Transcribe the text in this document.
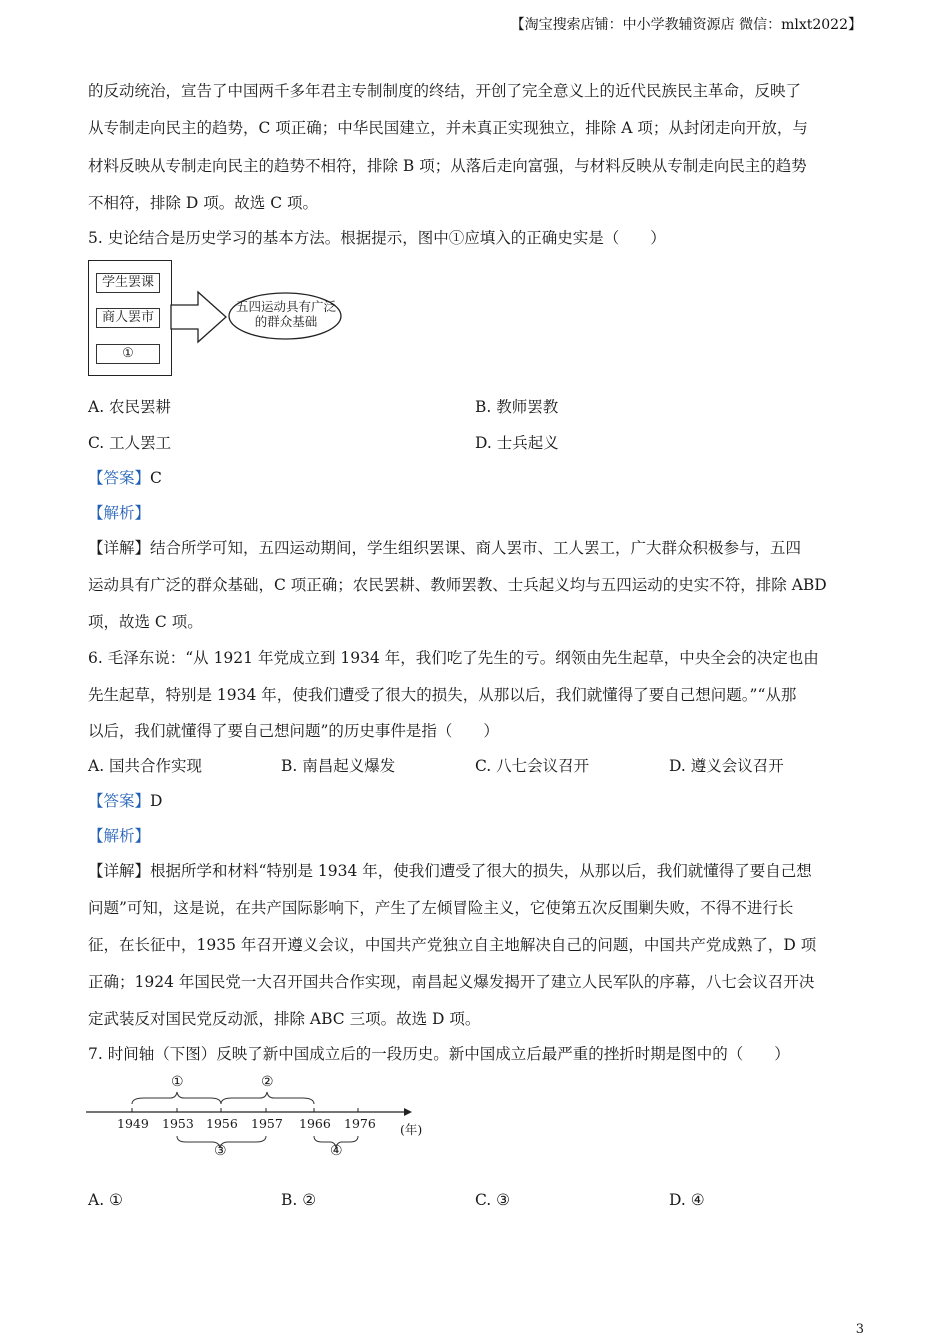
【淘宝搜索店铺：中小学教辅资源店 微信：mlxt2022】
的反动统治，宣告了中国两千多年君主专制制度的终结，开创了完全意义上的近代民族民主革命，反映了
从专制走向民主的趋势，C 项正确；中华民国建立，并未真正实现独立，排除 A 项；从封闭走向开放，与
材料反映从专制走向民主的趋势不相符，排除 B 项；从落后走向富强，与材料反映从专制走向民主的趋势
不相符，排除 D 项。故选 C 项。
5. 史论结合是历史学习的基本方法。根据提示，图中①应填入的正确史实是（　　）
学生罢课
商人罢市
①
五四运动具有广泛的群众基础
A. 农民罢耕	B. 教师罢教
C. 工人罢工	D. 士兵起义
【答案】C
【解析】
【详解】结合所学可知，五四运动期间，学生组织罢课、商人罢市、工人罢工，广大群众积极参与，五四
运动具有广泛的群众基础，C 项正确；农民罢耕、教师罢教、士兵起义均与五四运动的史实不符，排除 ABD
项，故选 C 项。
6. 毛泽东说：“从 1921 年党成立到 1934 年，我们吃了先生的亏。纲领由先生起草，中央全会的决定也由
先生起草，特别是 1934 年，使我们遭受了很大的损失，从那以后，我们就懂得了要自己想问题。”“从那
以后，我们就懂得了要自己想问题”的历史事件是指（　　）
A. 国共合作实现	B. 南昌起义爆发	C. 八七会议召开	D. 遵义会议召开
【答案】D
【解析】
【详解】根据所学和材料“特别是 1934 年，使我们遭受了很大的损失，从那以后，我们就懂得了要自己想
问题”可知，这是说，在共产国际影响下，产生了左倾冒险主义，它使第五次反围剿失败，不得不进行长
征，在长征中，1935 年召开遵义会议，中国共产党独立自主地解决自己的问题，中国共产党成熟了，D 项
正确；1924 年国民党一大召开国共合作实现，南昌起义爆发揭开了建立人民军队的序幕，八七会议召开决
定武装反对国民党反动派，排除 ABC 三项。故选 D 项。
7. 时间轴（下图）反映了新中国成立后的一段历史。新中国成立后最严重的挫折时期是图中的（　　）
1949 1953 1956 1957 1966 1976 (年)
①	②
③	④
A. ①	B. ②	C. ③	D. ④
3
